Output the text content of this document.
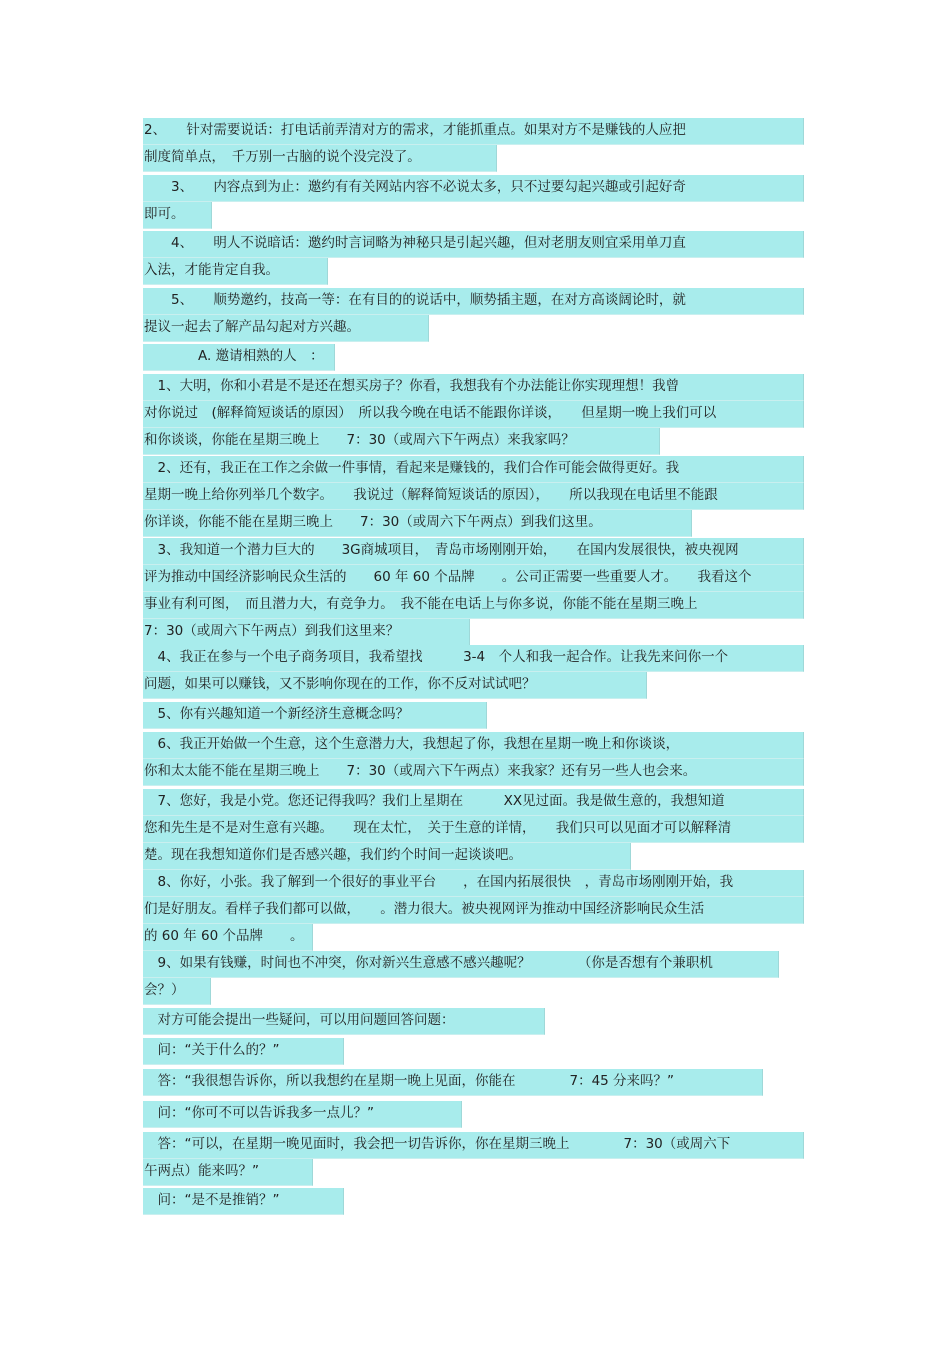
2、　　针对需要说话：打电话前弄清对方的需求，才能抓重点。如果对方不是赚钱的人应把
制度简单点，　千万别一古脑的说个没完没了。
　　3、　　内容点到为止：邀约有有关网站内容不必说太多，只不过要勾起兴趣或引起好奇
即可。
　　4、　　明人不说暗话：邀约时言词略为神秘只是引起兴趣，但对老朋友则宜采用单刀直
入法，才能肯定自我。
　　5、　　顺势邀约，技高一等：在有目的的说话中，顺势插主题，在对方高谈阔论时，就
提议一起去了解产品勾起对方兴趣。
　　　　A. 邀请相熟的人　：
　1、大明，你和小君是不是还在想买房子？你看，我想我有个办法能让你实现理想！我曾
对你说过　(解释简短谈话的原因）　所以我今晚在电话不能跟你详谈，　　但星期一晚上我们可以
和你谈谈，你能在星期三晚上　　7：30（或周六下午两点）来我家吗？
　2、还有，我正在工作之余做一件事情，看起来是赚钱的，我们合作可能会做得更好。我
星期一晚上给你列举几个数字。　　我说过（解释简短谈话的原因），　　所以我现在电话里不能跟
你详谈，你能不能在星期三晚上　　7：30（或周六下午两点）到我们这里。
　3、我知道一个潜力巨大的　　3G商城项目，　青岛市场刚刚开始，　　在国内发展很快，被央视网
评为推动中国经济影响民众生活的　　60 年 60 个品牌　　。公司正需要一些重要人才。　　我看这个
事业有利可图，　而且潜力大，有竞争力。　我不能在电话上与你多说，你能不能在星期三晚上
7：30（或周六下午两点）到我们这里来？
　4、我正在参与一个电子商务项目，我希望找　　　3-4　个人和我一起合作。让我先来问你一个
问题，如果可以赚钱，又不影响你现在的工作，你不反对试试吧？
　5、你有兴趣知道一个新经济生意概念吗？
　6、我正开始做一个生意，这个生意潜力大，我想起了你，我想在星期一晚上和你谈谈，
你和太太能不能在星期三晚上　　7：30（或周六下午两点）来我家？还有另一些人也会来。
　7、您好，我是小党。您还记得我吗？我们上星期在　　　XX见过面。我是做生意的，我想知道
您和先生是不是对生意有兴趣。　　现在太忙，　关于生意的详情，　　我们只可以见面才可以解释清
楚。现在我想知道你们是否感兴趣，我们约个时间一起谈谈吧。
　8、你好，小张。我了解到一个很好的事业平台　　，在国内拓展很快　，青岛市场刚刚开始，我
们是好朋友。看样子我们都可以做，　　。潜力很大。被央视网评为推动中国经济影响民众生活
的 60 年 60 个品牌　　。
　9、如果有钱赚，时间也不冲突，你对新兴生意感不感兴趣呢？　　　　（你是否想有个兼职机
会？）
　对方可能会提出一些疑问，可以用问题回答问题：
　问：“关于什么的？”
　答：“我很想告诉你，所以我想约在星期一晚上见面，你能在　　　　7：45 分来吗？”
　问：“你可不可以告诉我多一点儿？”
　答：“可以，在星期一晚见面时，我会把一切告诉你，你在星期三晚上　　　　7：30（或周六下
午两点）能来吗？”
　问：“是不是推销？”
